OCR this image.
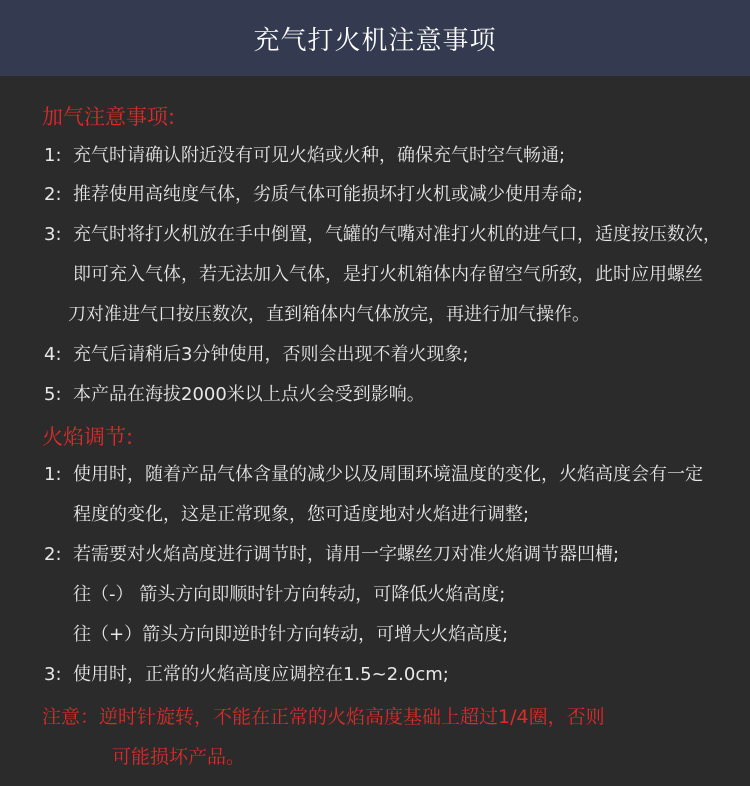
充气打火机注意事项
加气注意事项:
1: 充气时请确认附近没有可见火焰或火种，确保充气时空气畅通;
2: 推荐使用高纯度气体，劣质气体可能损坏打火机或减少使用寿命;
3: 充气时将打火机放在手中倒置，气罐的气嘴对准打火机的进气口，适度按压数次，
即可充入气体，若无法加入气体，是打火机箱体内存留空气所致，此时应用螺丝
刀对准进气口按压数次，直到箱体内气体放完，再进行加气操作。
4: 充气后请稍后3分钟使用，否则会出现不着火现象;
5: 本产品在海拔2000米以上点火会受到影响。
火焰调节:
1: 使用时，随着产品气体含量的减少以及周围环境温度的变化，火焰高度会有一定
程度的变化，这是正常现象，您可适度地对火焰进行调整;
2: 若需要对火焰高度进行调节时，请用一字螺丝刀对准火焰调节器凹槽;
往（-） 箭头方向即顺时针方向转动，可降低火焰高度;
往（+）箭头方向即逆时针方向转动，可增大火焰高度;
3: 使用时，正常的火焰高度应调控在1.5~2.0cm;
注意：逆时针旋转，不能在正常的火焰高度基础上超过1/4圈，否则
可能损坏产品。
